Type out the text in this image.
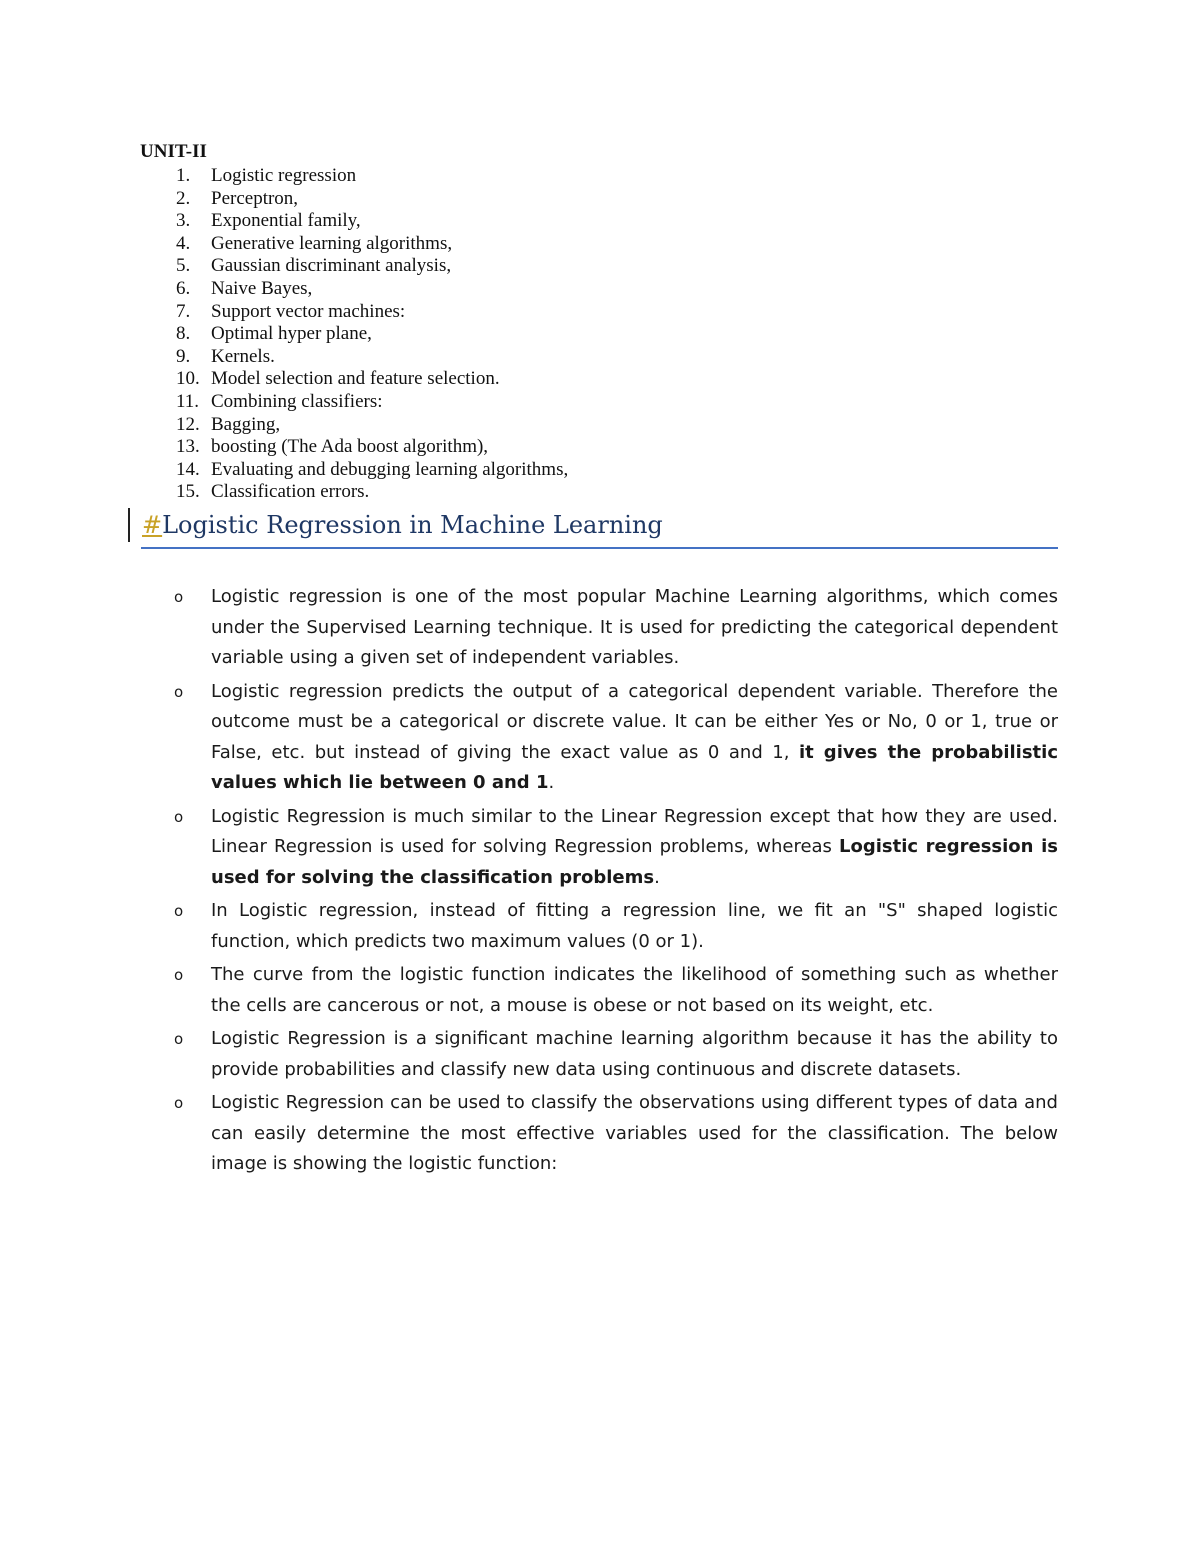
UNIT-II
1. Logistic regression
2. Perceptron,
3. Exponential family,
4. Generative learning algorithms,
5. Gaussian discriminant analysis,
6. Naive Bayes,
7. Support vector machines:
8. Optimal hyper plane,
9. Kernels.
10. Model selection and feature selection.
11. Combining classifiers:
12. Bagging,
13. boosting (The Ada boost algorithm),
14. Evaluating and debugging learning algorithms,
15. Classification errors.
#Logistic Regression in Machine Learning
o Logistic regression is one of the most popular Machine Learning algorithms, which comes under the Supervised Learning technique. It is used for predicting the categorical dependent variable using a given set of independent variables.
o Logistic regression predicts the output of a categorical dependent variable. Therefore the outcome must be a categorical or discrete value. It can be either Yes or No, 0 or 1, true or False, etc. but instead of giving the exact value as 0 and 1, it gives the probabilistic values which lie between 0 and 1.
o Logistic Regression is much similar to the Linear Regression except that how they are used. Linear Regression is used for solving Regression problems, whereas Logistic regression is used for solving the classification problems.
o In Logistic regression, instead of fitting a regression line, we fit an "S" shaped logistic function, which predicts two maximum values (0 or 1).
o The curve from the logistic function indicates the likelihood of something such as whether the cells are cancerous or not, a mouse is obese or not based on its weight, etc.
o Logistic Regression is a significant machine learning algorithm because it has the ability to provide probabilities and classify new data using continuous and discrete datasets.
o Logistic Regression can be used to classify the observations using different types of data and can easily determine the most effective variables used for the classification. The below image is showing the logistic function:
